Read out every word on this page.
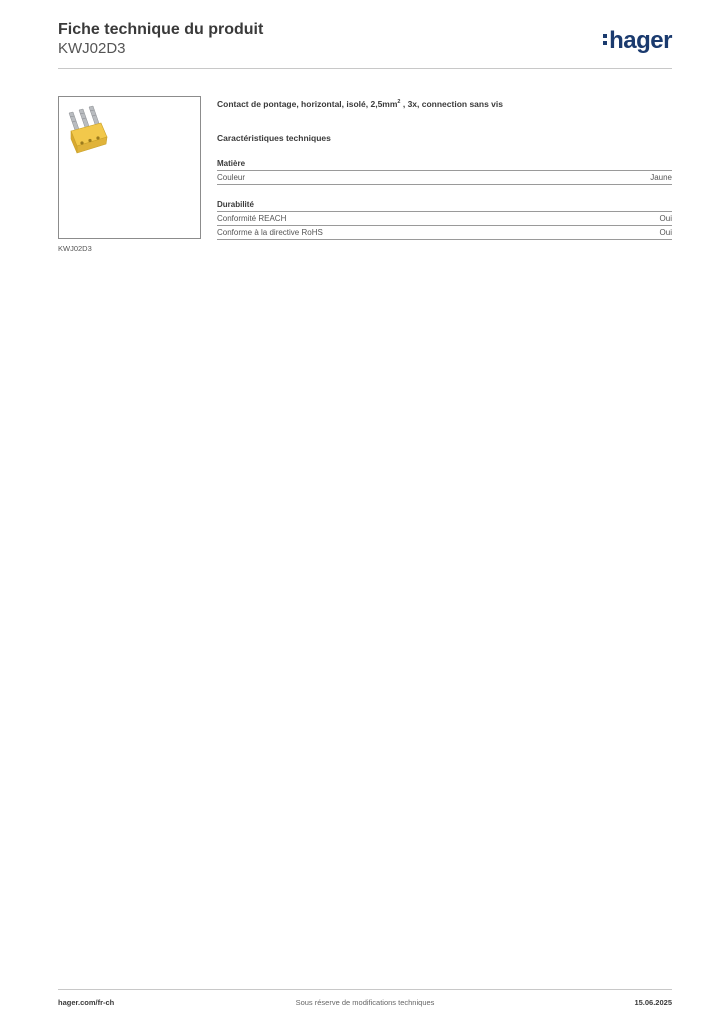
Fiche technique du produit
KWJ02D3	hager
KWJ02D3
Contact de pontage, horizontal, isolé, $2,5mm^2$ , 3x, connection sans vis
Caractéristiques techniques
Matière
Couleur	Jaune
Durabilité
Conformité REACH	Oui
Conforme à la directive RoHS	Oui
Sous réserve de modifications techniques
hager.com/fr-ch	15.06.2025
